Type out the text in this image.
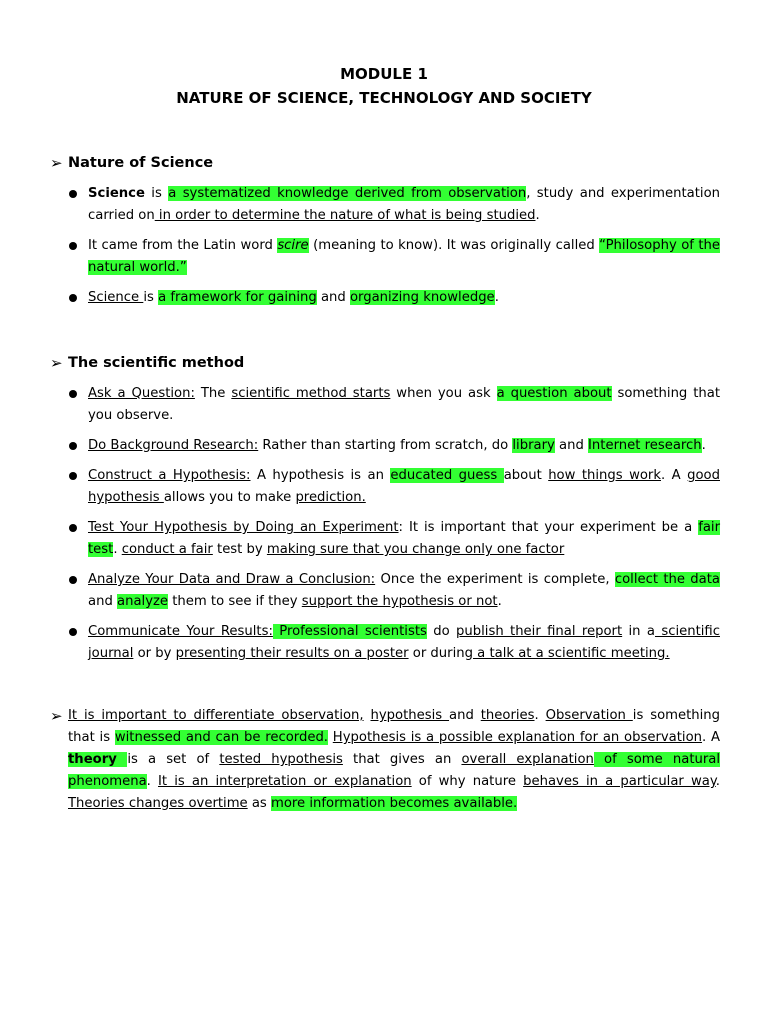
MODULE 1
NATURE OF SCIENCE, TECHNOLOGY AND SOCIETY
➢ Nature of Science
Science is a systematized knowledge derived from observation, study and experimentation carried on in order to determine the nature of what is being studied.
It came from the Latin word scire (meaning to know). It was originally called “Philosophy of the natural world.”
Science is a framework for gaining and organizing knowledge.
➢ The scientific method
Ask a Question: The scientific method starts when you ask a question about something that you observe.
Do Background Research: Rather than starting from scratch, do library and Internet research.
Construct a Hypothesis: A hypothesis is an educated guess about how things work. A good hypothesis allows you to make prediction.
Test Your Hypothesis by Doing an Experiment: It is important that your experiment be a fair test. conduct a fair test by making sure that you change only one factor
Analyze Your Data and Draw a Conclusion: Once the experiment is complete, collect the data and analyze them to see if they support the hypothesis or not.
Communicate Your Results: Professional scientists do publish their final report in a scientific journal or by presenting their results on a poster or during a talk at a scientific meeting.
➢ It is important to differentiate observation, hypothesis and theories. Observation is something that is witnessed and can be recorded. Hypothesis is a possible explanation for an observation. A theory is a set of tested hypothesis that gives an overall explanation of some natural phenomena. It is an interpretation or explanation of why nature behaves in a particular way. Theories changes overtime as more information becomes available.
